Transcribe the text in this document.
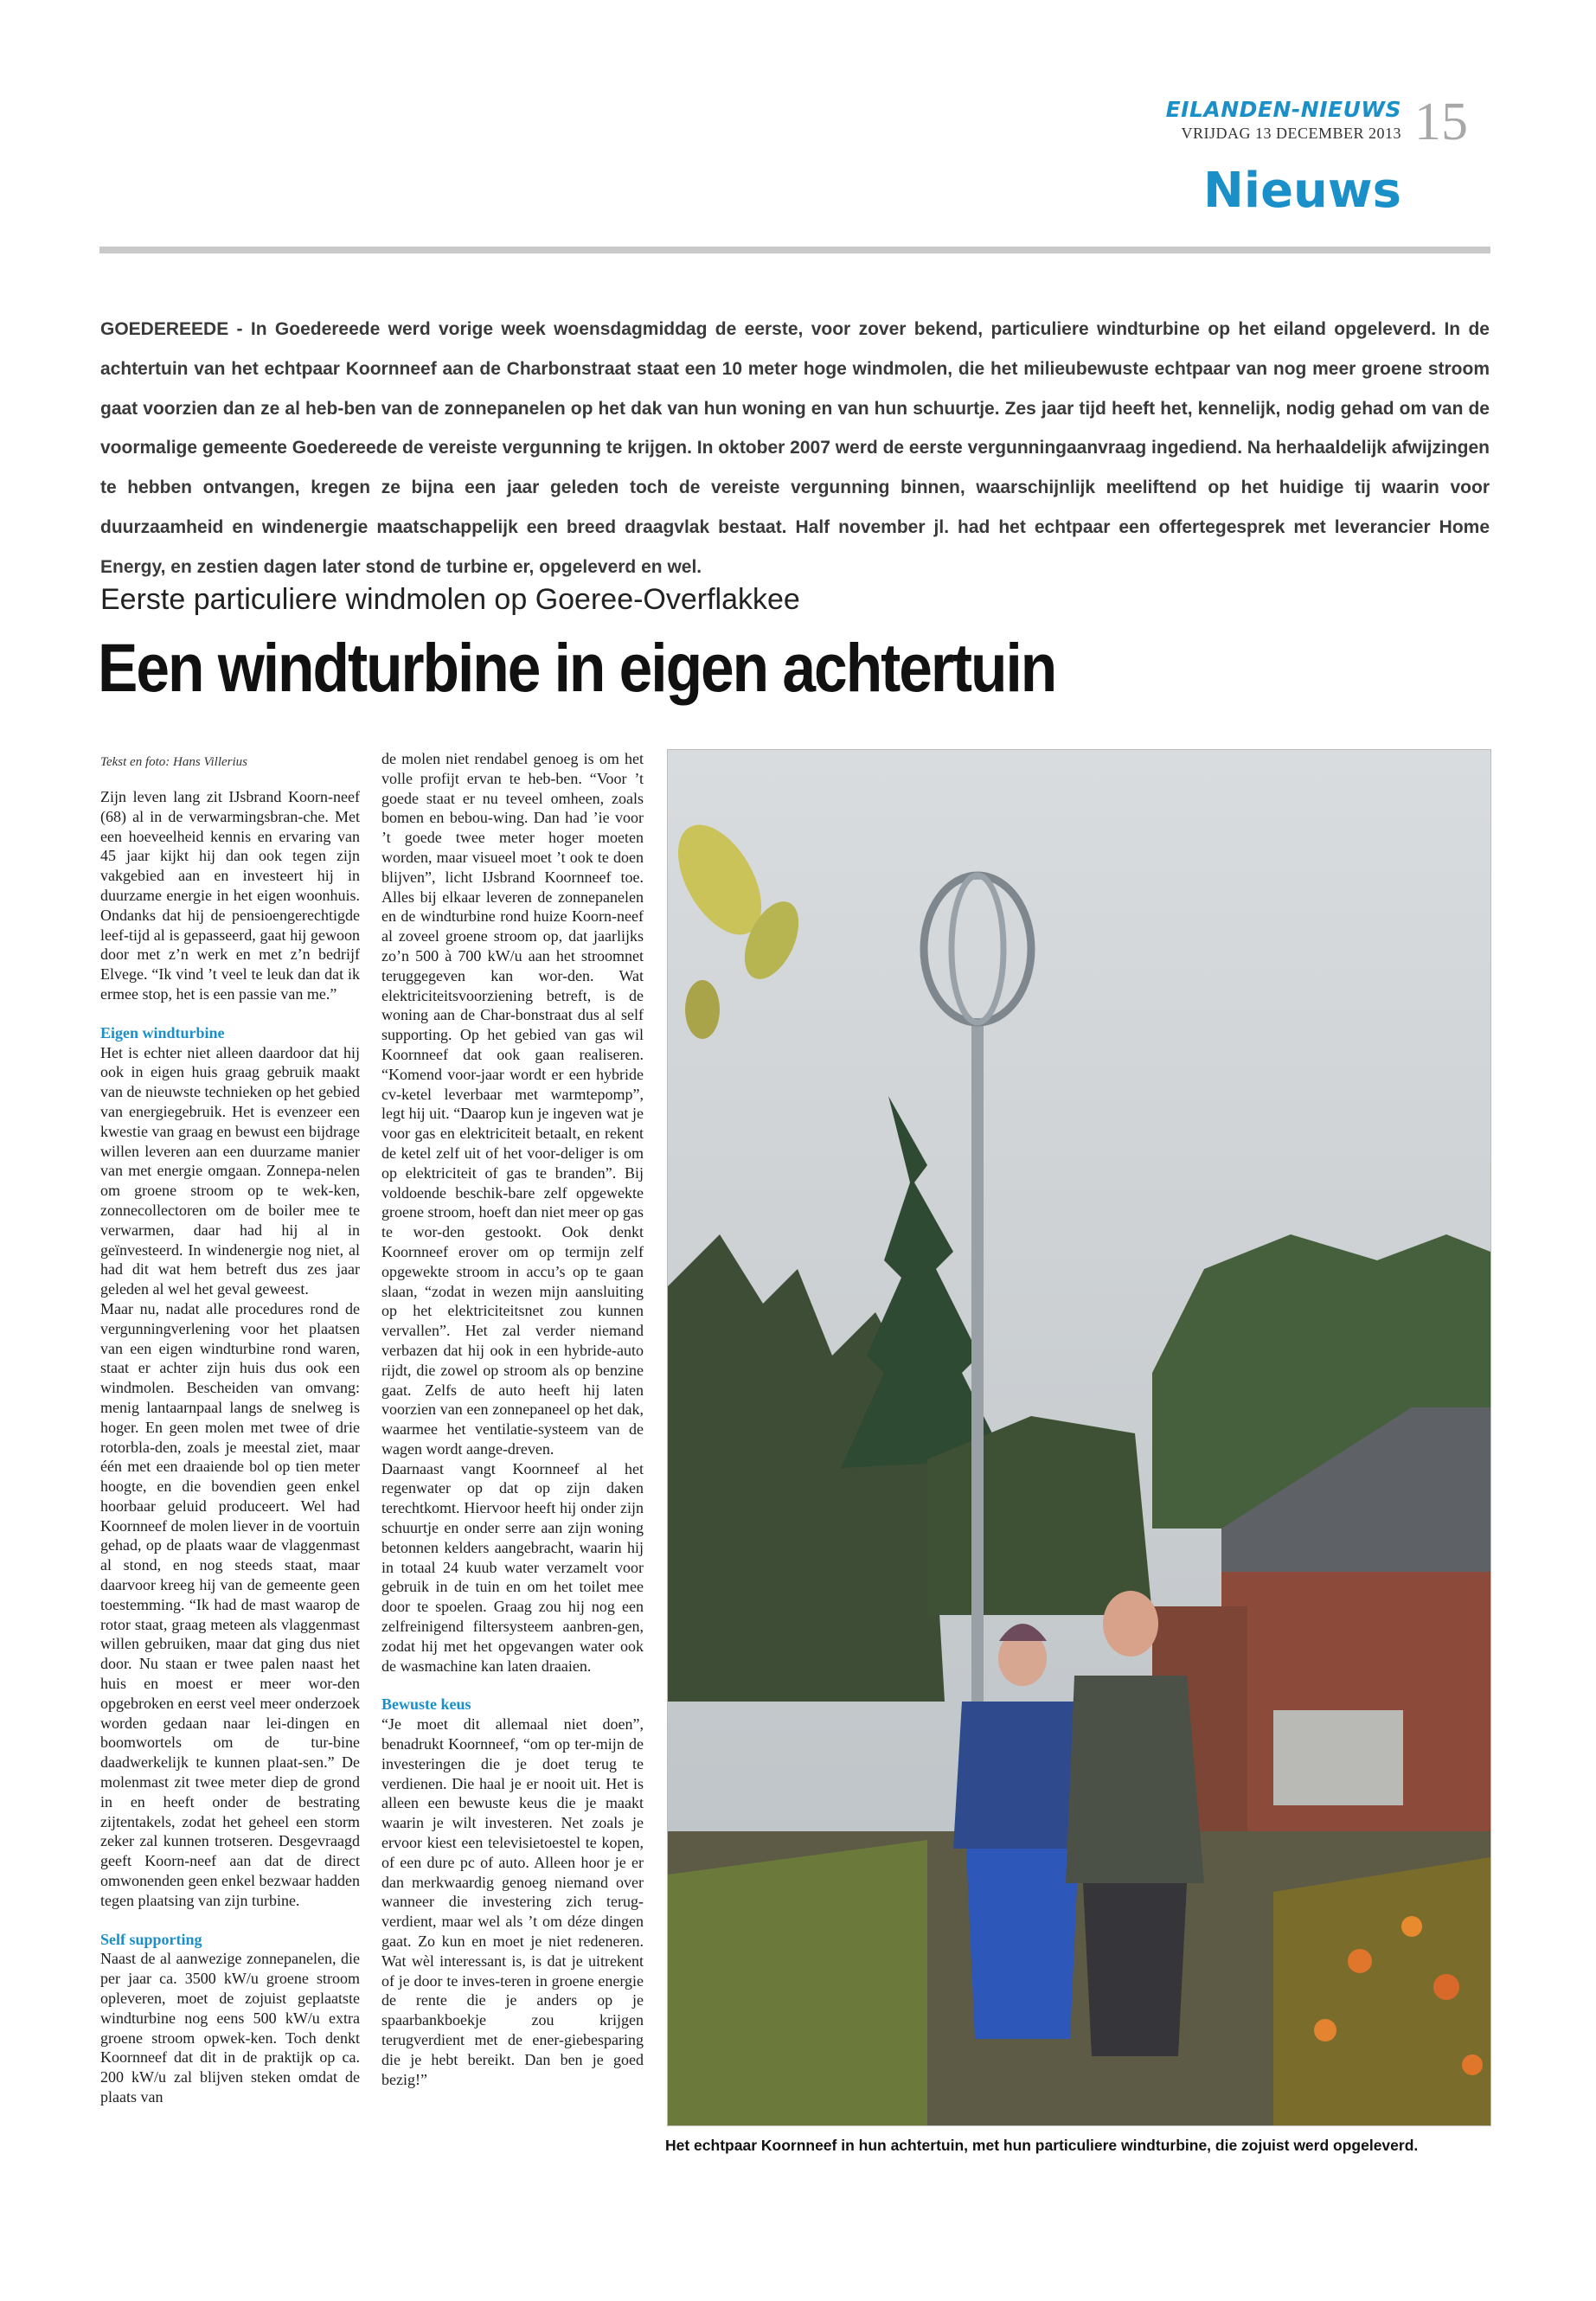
EILANDEN-NIEUWS
VRIJDAG 13 DECEMBER 2013 15
Nieuws
GOEDEREEDE - In Goedereede werd vorige week woensdagmiddag de eerste, voor zover bekend, particuliere windturbine op het eiland opgeleverd. In de achtertuin van het echtpaar Koornneef aan de Charbonstraat staat een 10 meter hoge windmolen, die het milieubewuste echtpaar van nog meer groene stroom gaat voorzien dan ze al heb-ben van de zonnepanelen op het dak van hun woning en van hun schuurtje. Zes jaar tijd heeft het, kennelijk, nodig gehad om van de voormalige gemeente Goedereede de vereiste vergunning te krijgen. In oktober 2007 werd de eerste vergunningaanvraag ingediend. Na herhaaldelijk afwijzingen te hebben ontvangen, kregen ze bijna een jaar geleden toch de vereiste vergunning binnen, waarschijnlijk meeliftend op het huidige tij waarin voor duurzaamheid en windenergie maatschappelijk een breed draagvlak bestaat. Half november jl. had het echtpaar een offertegesprek met leverancier Home Energy, en zestien dagen later stond de turbine er, opgeleverd en wel.
Eerste particuliere windmolen op Goeree-Overflakkee
Een windturbine in eigen achtertuin
Tekst en foto: Hans Villerius

Zijn leven lang zit IJsbrand Koorn-neef (68) al in de verwarmingsbran-che. Met een hoeveelheid kennis en ervaring van 45 jaar kijkt hij dan ook tegen zijn vakgebied aan en investeert hij in duurzame energie in het eigen woonhuis. Ondanks dat hij de pensioengerechtigde leef-tijd al is gepasseerd, gaat hij gewoon door met z’n werk en met z’n bedrijf Elvege. “Ik vind ’t veel te leuk dan dat ik ermee stop, het is een passie van me.”

Eigen windturbine

Het is echter niet alleen daardoor dat hij ook in eigen huis graag gebruik maakt van de nieuwste technieken op het gebied van energiegebruik. Het is evenzeer een kwestie van graag en bewust een bijdrage willen leveren aan een duurzame manier van met energie omgaan. Zonnepa-nelen om groene stroom op te wek-ken, zonnecollectoren om de boiler mee te verwarmen, daar had hij al in geïnvesteerd. In windenergie nog niet, al had dit wat hem betreft dus zes jaar geleden al wel het geval geweest.

Maar nu, nadat alle procedures rond de vergunningverlening voor het plaatsen van een eigen windturbine rond waren, staat er achter zijn huis dus ook een windmolen. Bescheiden van omvang: menig lantaarnpaal langs de snelweg is hoger. En geen molen met twee of drie rotorbla-den, zoals je meestal ziet, maar één met een draaiende bol op tien meter hoogte, en die bovendien geen enkel hoorbaar geluid produceert. Wel had Koornneef de molen liever in de voortuin gehad, op de plaats waar de vlaggenmast al stond, en nog steeds staat, maar daarvoor kreeg hij van de gemeente geen toestemming. “Ik had de mast waarop de rotor staat, graag meteen als vlaggenmast willen gebruiken, maar dat ging dus niet door. Nu staan er twee palen naast het huis en moest er meer wor-den opgebroken en eerst veel meer onderzoek worden gedaan naar lei-dingen en boomwortels om de tur-bine daadwerkelijk te kunnen plaat-sen.” De molenmast zit twee meter diep de grond in en heeft onder de bestrating zijtentakels, zodat het geheel een storm zeker zal kunnen trotseren. Desgevraagd geeft Koorn-neef aan dat de direct omwonenden geen enkel bezwaar hadden tegen plaatsing van zijn turbine.

Self supporting

Naast de al aanwezige zonnepanelen, die per jaar ca. 3500 kW/u groene stroom opleveren, moet de zojuist geplaatste windturbine nog eens 500 kW/u extra groene stroom opwek-ken. Toch denkt Koornneef dat dit in de praktijk op ca. 200 kW/u zal blijven steken omdat de plaats van

de molen niet rendabel genoeg is om het volle profijt ervan te heb-ben. “Voor ’t goede staat er nu teveel omheen, zoals bomen en bebou-wing. Dan had ’ie voor ’t goede twee meter hoger moeten worden, maar visueel moet ’t ook te doen blijven”, licht IJsbrand Koornneef toe. Alles bij elkaar leveren de zonnepanelen en de windturbine rond huize Koorn-neef al zoveel groene stroom op, dat jaarlijks zo’n 500 à 700 kW/u aan het stroomnet teruggegeven kan wor-den. Wat elektriciteitsvoorziening betreft, is de woning aan de Char-bonstraat dus al self supporting. Op het gebied van gas wil Koornneef dat ook gaan realiseren. “Komend voor-jaar wordt er een hybride cv-ketel leverbaar met warmtepomp”, legt hij uit. “Daarop kun je ingeven wat je voor gas en elektriciteit betaalt, en rekent de ketel zelf uit of het voor-deliger is om op elektriciteit of gas te branden”. Bij voldoende beschik-bare zelf opgewekte groene stroom, hoeft dan niet meer op gas te wor-den gestookt. Ook denkt Koornneef erover om op termijn zelf opgewekte stroom in accu’s op te gaan slaan, “zodat in wezen mijn aansluiting op het elektriciteitsnet zou kunnen vervallen”. Het zal verder niemand verbazen dat hij ook in een hybride-auto rijdt, die zowel op stroom als op benzine gaat. Zelfs de auto heeft hij laten voorzien van een zonnepaneel op het dak, waarmee het ventilatie-systeem van de wagen wordt aange-dreven.

Daarnaast vangt Koornneef al het regenwater op dat op zijn daken terechtkomt. Hiervoor heeft hij onder zijn schuurtje en onder serre aan zijn woning betonnen kelders aangebracht, waarin hij in totaal 24 kuub water verzamelt voor gebruik in de tuin en om het toilet mee door te spoelen. Graag zou hij nog een zelfreinigend filtersysteem aanbren-gen, zodat hij met het opgevangen water ook de wasmachine kan laten draaien.

Bewuste keus

“Je moet dit allemaal niet doen”, benadrukt Koornneef, “om op ter-mijn de investeringen die je doet terug te verdienen. Die haal je er nooit uit. Het is alleen een bewuste keus die je maakt waarin je wilt investeren. Net zoals je ervoor kiest een televisietoestel te kopen, of een dure pc of auto. Alleen hoor je er dan merkwaardig genoeg niemand over wanneer die investering zich terug-verdient, maar wel als ’t om déze dingen gaat. Zo kun en moet je niet redeneren. Wat wèl interessant is, is dat je uitrekent of je door te inves-teren in groene energie de rente die je anders op je spaarbankboekje zou krijgen terugverdient met de ener-giebesparing die je hebt bereikt. Dan ben je goed bezig!”

Het echtpaar Koornneef in hun achtertuin, met hun particuliere windturbine, die zojuist werd opgeleverd.
